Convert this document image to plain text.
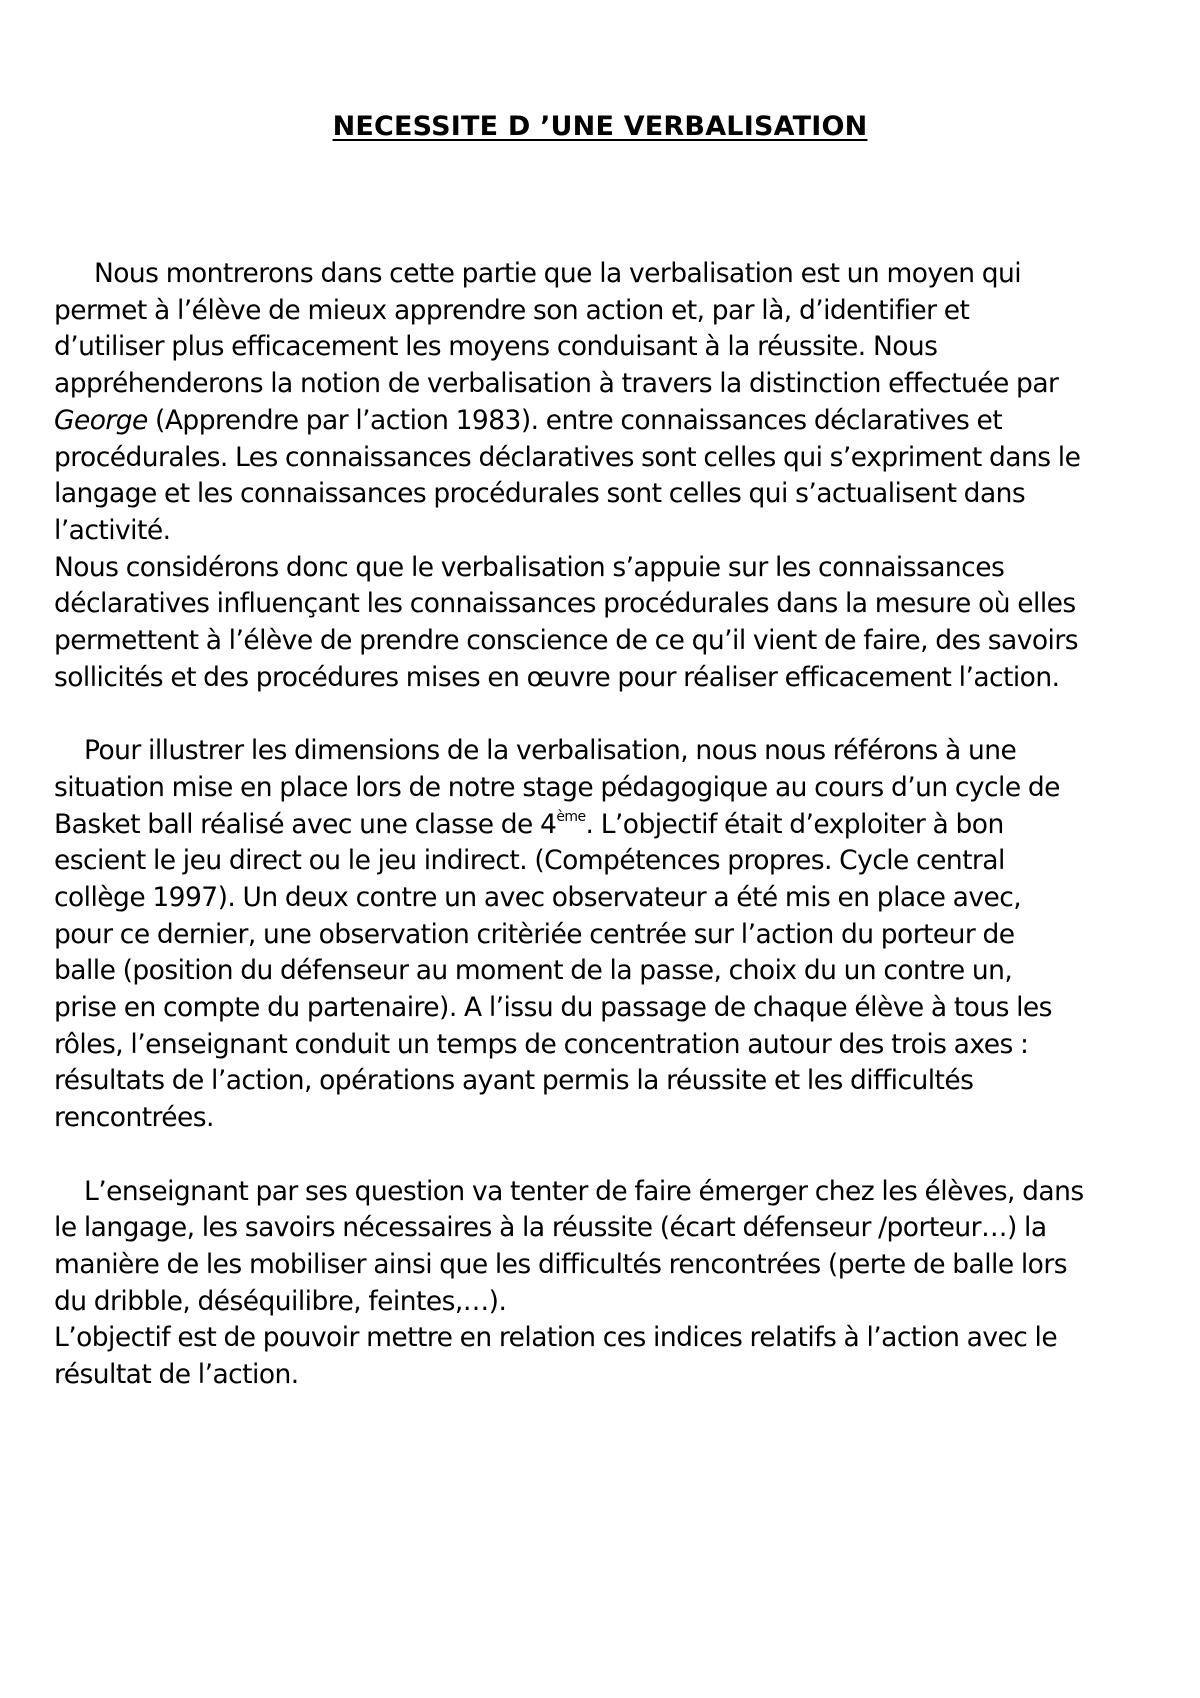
NECESSITE D ’UNE VERBALISATION
Nous montrerons dans cette partie que la verbalisation est un moyen qui
permet à l’élève de mieux apprendre son action et, par là, d’identifier et
d’utiliser plus efficacement les moyens conduisant à la réussite. Nous
appréhenderons la notion de verbalisation à travers la distinction effectuée par
George (Apprendre par l’action 1983). entre connaissances déclaratives et
procédurales. Les connaissances déclaratives sont celles qui s’expriment dans le
langage et les connaissances procédurales sont celles qui s’actualisent dans
l’activité.
Nous considérons donc que le verbalisation s’appuie sur les connaissances
déclaratives influençant les connaissances procédurales dans la mesure où elles
permettent à l’élève de prendre conscience de ce qu’il vient de faire, des savoirs
sollicités et des procédures mises en œuvre pour réaliser efficacement l’action.
Pour illustrer les dimensions de la verbalisation, nous nous référons à une
situation mise en place lors de notre stage pédagogique au cours d’un cycle de
Basket ball réalisé avec une classe de 4ème. L’objectif était d’exploiter à bon
escient le jeu direct ou le jeu indirect. (Compétences propres. Cycle central
collège 1997). Un deux contre un avec observateur a été mis en place avec,
pour ce dernier, une observation critèriée centrée sur l’action du porteur de
balle (position du défenseur au moment de la passe, choix du un contre un,
prise en compte du partenaire). A l’issu du passage de chaque élève à tous les
rôles, l’enseignant conduit un temps de concentration autour des trois axes :
résultats de l’action, opérations ayant permis la réussite et les difficultés
rencontrées.
L’enseignant par ses question va tenter de faire émerger chez les élèves, dans
le langage, les savoirs nécessaires à la réussite (écart défenseur /porteur…) la
manière de les mobiliser ainsi que les difficultés rencontrées (perte de balle lors
du dribble, déséquilibre, feintes,…).
L’objectif est de pouvoir mettre en relation ces indices relatifs à l’action avec le
résultat de l’action.
